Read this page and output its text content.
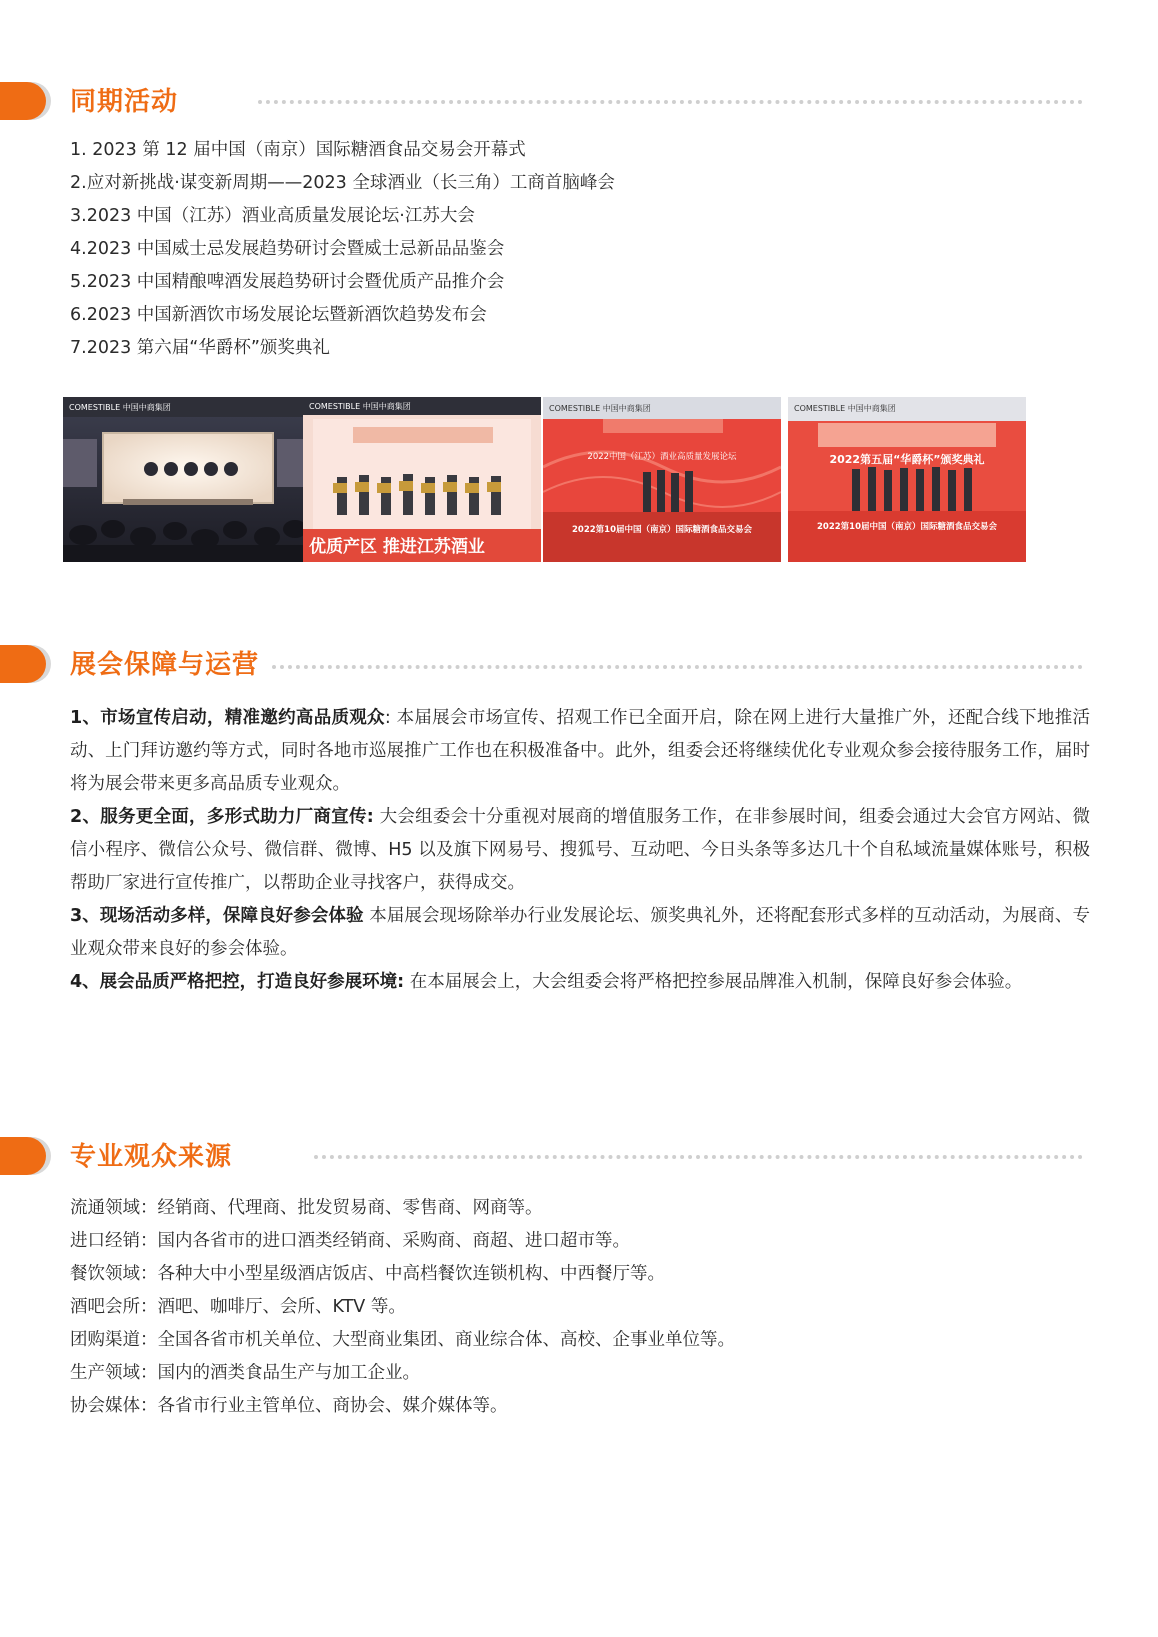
同期活动
1. 2023 第 12 届中国（南京）国际糖酒食品交易会开幕式
2.应对新挑战·谋变新周期——2023 全球酒业（长三角）工商首脑峰会
3.2023 中国（江苏）酒业高质量发展论坛·江苏大会
4.2023 中国威士忌发展趋势研讨会暨威士忌新品品鉴会
5.2023 中国精酿啤酒发展趋势研讨会暨优质产品推介会
6.2023 中国新酒饮市场发展论坛暨新酒饮趋势发布会
7.2023 第六届“华爵杯”颁奖典礼
COMESTIBLE 中国中商集团	COMESTIBLE 中国中商集团
优质产区 推进江苏酒业
COMESTIBLE 中国中商集团
2022中国（江苏）酒业高质量发展论坛
2022第10届中国（南京）国际糖酒食品交易会
COMESTIBLE 中国中商集团
2022第五届“华爵杯”颁奖典礼
2022第10届中国（南京）国际糖酒食品交易会
展会保障与运营

1、市场宣传启动，精准邀约高品质观众: 本届展会市场宣传、招观工作已全面开启，除在网上进行大量推广外，还配合线下地推活动、上门拜访邀约等方式，同时各地市巡展推广工作也在积极准备中。此外，组委会还将继续优化专业观众参会接待服务工作，届时将为展会带来更多高品质专业观众。

2、服务更全面，多形式助力厂商宣传: 大会组委会十分重视对展商的增值服务工作，在非参展时间，组委会通过大会官方网站、微信小程序、微信公众号、微信群、微博、H5 以及旗下网易号、搜狐号、互动吧、今日头条等多达几十个自私域流量媒体账号，积极帮助厂家进行宣传推广，以帮助企业寻找客户，获得成交。

3、现场活动多样，保障良好参会体验 本届展会现场除举办行业发展论坛、颁奖典礼外，还将配套形式多样的互动活动，为展商、专业观众带来良好的参会体验。

4、展会品质严格把控，打造良好参展环境: 在本届展会上，大会组委会将严格把控参展品牌准入机制，保障良好参会体验。

专业观众来源
流通领域：经销商、代理商、批发贸易商、零售商、网商等。
进口经销：国内各省市的进口酒类经销商、采购商、商超、进口超市等。
餐饮领域：各种大中小型星级酒店饭店、中高档餐饮连锁机构、中西餐厅等。
酒吧会所：酒吧、咖啡厅、会所、KTV 等。
团购渠道：全国各省市机关单位、大型商业集团、商业综合体、高校、企事业单位等。
生产领域：国内的酒类食品生产与加工企业。
协会媒体：各省市行业主管单位、商协会、媒介媒体等。
